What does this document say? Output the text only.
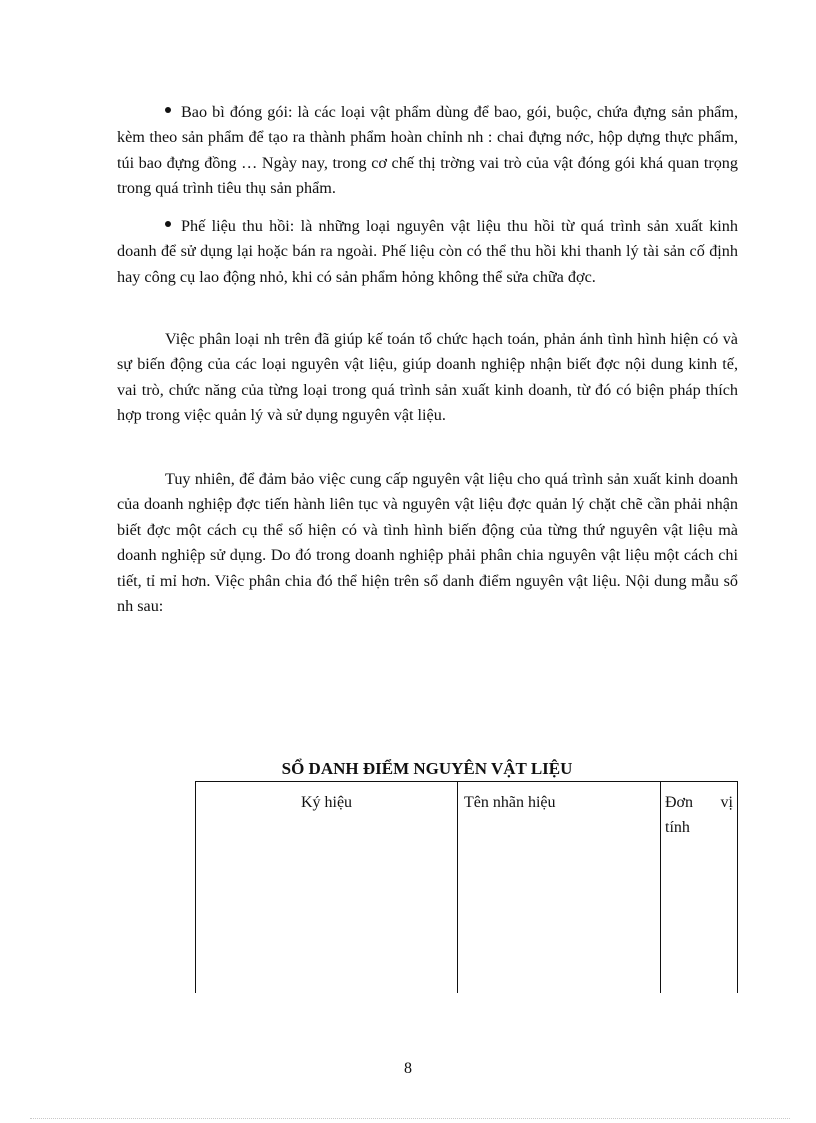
Bao bì đóng gói: là các loại vật phẩm dùng để bao, gói, buộc, chứa đựng sản phẩm, kèm theo sản phẩm để tạo ra thành phẩm hoàn chỉnh nh : chai đựng nớc, hộp dựng thực phẩm, túi bao đựng đồng … Ngày nay, trong cơ chế thị trờng vai trò của vật đóng gói khá quan trọng trong quá trình tiêu thụ sản phẩm.

Phế liệu thu hồi: là những loại nguyên vật liệu thu hồi từ quá trình sản xuất kinh doanh để sử dụng lại hoặc bán ra ngoài. Phế liệu còn có thể thu hồi khi thanh lý tài sản cố định hay công cụ lao động nhỏ, khi có sản phẩm hỏng không thể sửa chữa đợc.

Việc phân loại nh trên đã giúp kế toán tổ chức hạch toán, phản ánh tình hình hiện có và sự biến động của các loại nguyên vật liệu, giúp doanh nghiệp nhận biết đợc nội dung kinh tế, vai trò, chức năng của từng loại trong quá trình sản xuất kinh doanh, từ đó có biện pháp thích hợp trong việc quản lý và sử dụng nguyên vật liệu.

Tuy nhiên, để đảm bảo việc cung cấp nguyên vật liệu cho quá trình sản xuất kinh doanh của doanh nghiệp đợc tiến hành liên tục và nguyên vật liệu đợc quản lý chặt chẽ cần phải nhận biết đợc một cách cụ thể số hiện có và tình hình biến động của từng thứ nguyên vật liệu mà doanh nghiệp sử dụng. Do đó trong doanh nghiệp phải phân chia nguyên vật liệu một cách chi tiết, tỉ mỉ hơn. Việc phân chia đó thể hiện trên sổ danh điểm nguyên vật liệu. Nội dung mẫu sổ nh sau:

SỔ DANH ĐIỂM NGUYÊN VẬT LIỆU
Ký hiệu	Tên nhãn hiệu	Đơn vị
tính
8
